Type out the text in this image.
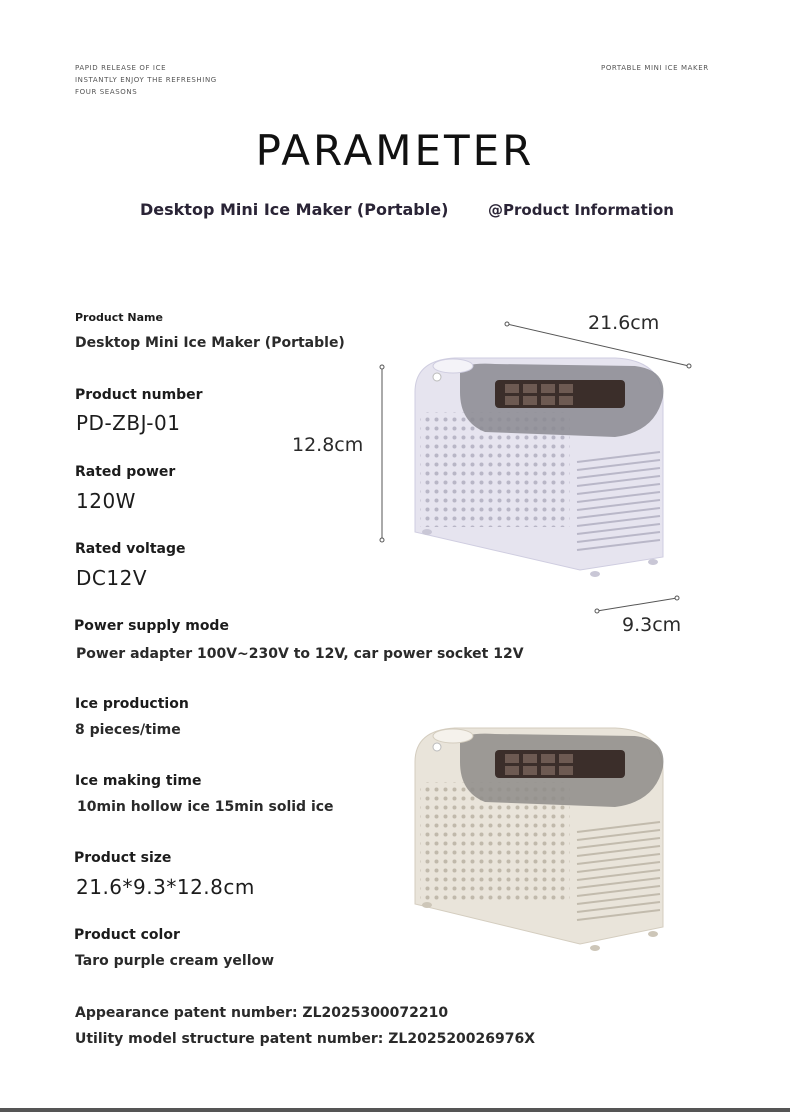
PAPID RELEASE OF ICE
INSTANTLY ENJOY THE REFRESHING
FOUR SEASONS
PORTABLE MINI ICE MAKER
PARAMETER
Desktop Mini Ice Maker (Portable)	@Product Information
Product Name
Desktop Mini Ice Maker (Portable)
Product number
PD-ZBJ-01
Rated power
120W
Rated voltage
DC12V
Power supply mode
Power adapter 100V~230V to 12V, car power socket 12V
Ice production
8 pieces/time
Ice making time
10min hollow ice 15min solid ice
Product size
21.6*9.3*12.8cm
Product color
Taro purple cream yellow
Appearance patent number: ZL2025300072210
Utility model structure patent number: ZL202520026976X
21.6cm
12.8cm
9.3cm
